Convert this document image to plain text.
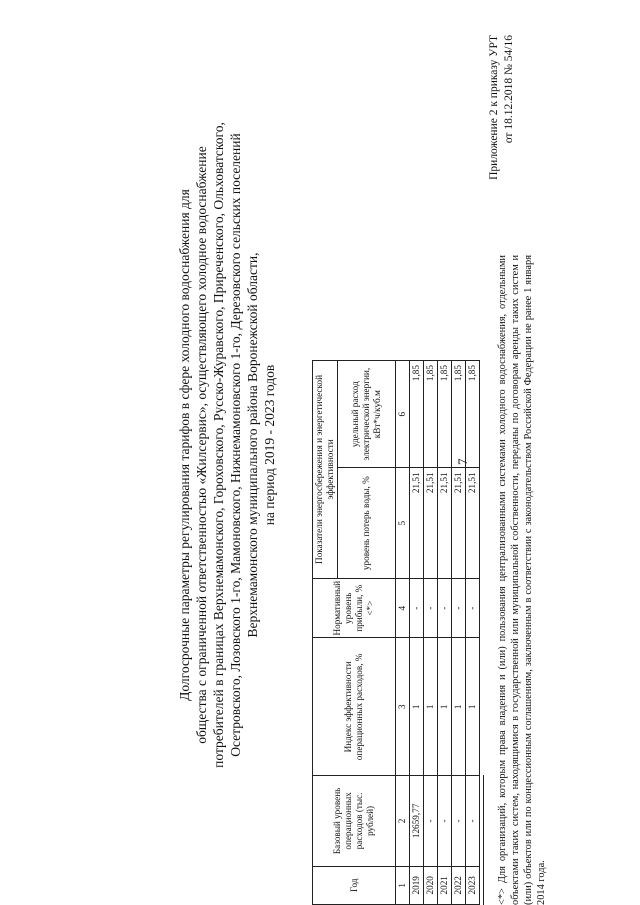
7
Приложение 2 к приказу УРТ от 18.12.2018 № 54/16
Долгосрочные параметры регулирования тарифов в сфере холодного водоснабжения для общества с ограниченной ответственностью «Жилсервис», осуществляющего холодное водоснабжение потребителей в границах Верхнемамонского, Гороховского, Русско-Журавского, Приреченского, Ольховатского, Осетровского, Лозовского 1-го, Мамоновского, Нижнемамоновского 1-го, Дерезовского сельских поселений Верхнемамонского муниципального района Воронежской области, на период 2019 - 2023 годов
Год	Базовый уровень операционных расходов (тыс. рублей)	Индекс эффективности операционных расходов, %	Нормативный уровень прибыли, % <*>	Показатели энергосбережения и энергетической эффективности	
				уровень потерь воды, %	удельный расход электрической энергии, кВт*ч/куб.м
1	2	3	4	5	6
2019	12659,77	1	-	21,51	1,85
2020	-	1	-	21,51	1,85
2021	-	1	-	21,51	1,85
2022	-	1	-	21,51	1,85
2023	-	1	-	21,51	1,85 <*> Для организаций, которым права владения и (или) пользования централизованными системами холодного водоснабжения, отдельными объектами таких систем, находящимися в государственной или муниципальной собственности, переданы по договорам аренды таких систем и (или) объектов или по концессионным соглашениям, заключенным в соответствии с законодательством Российской Федерации не ранее 1 января 2014 года.
